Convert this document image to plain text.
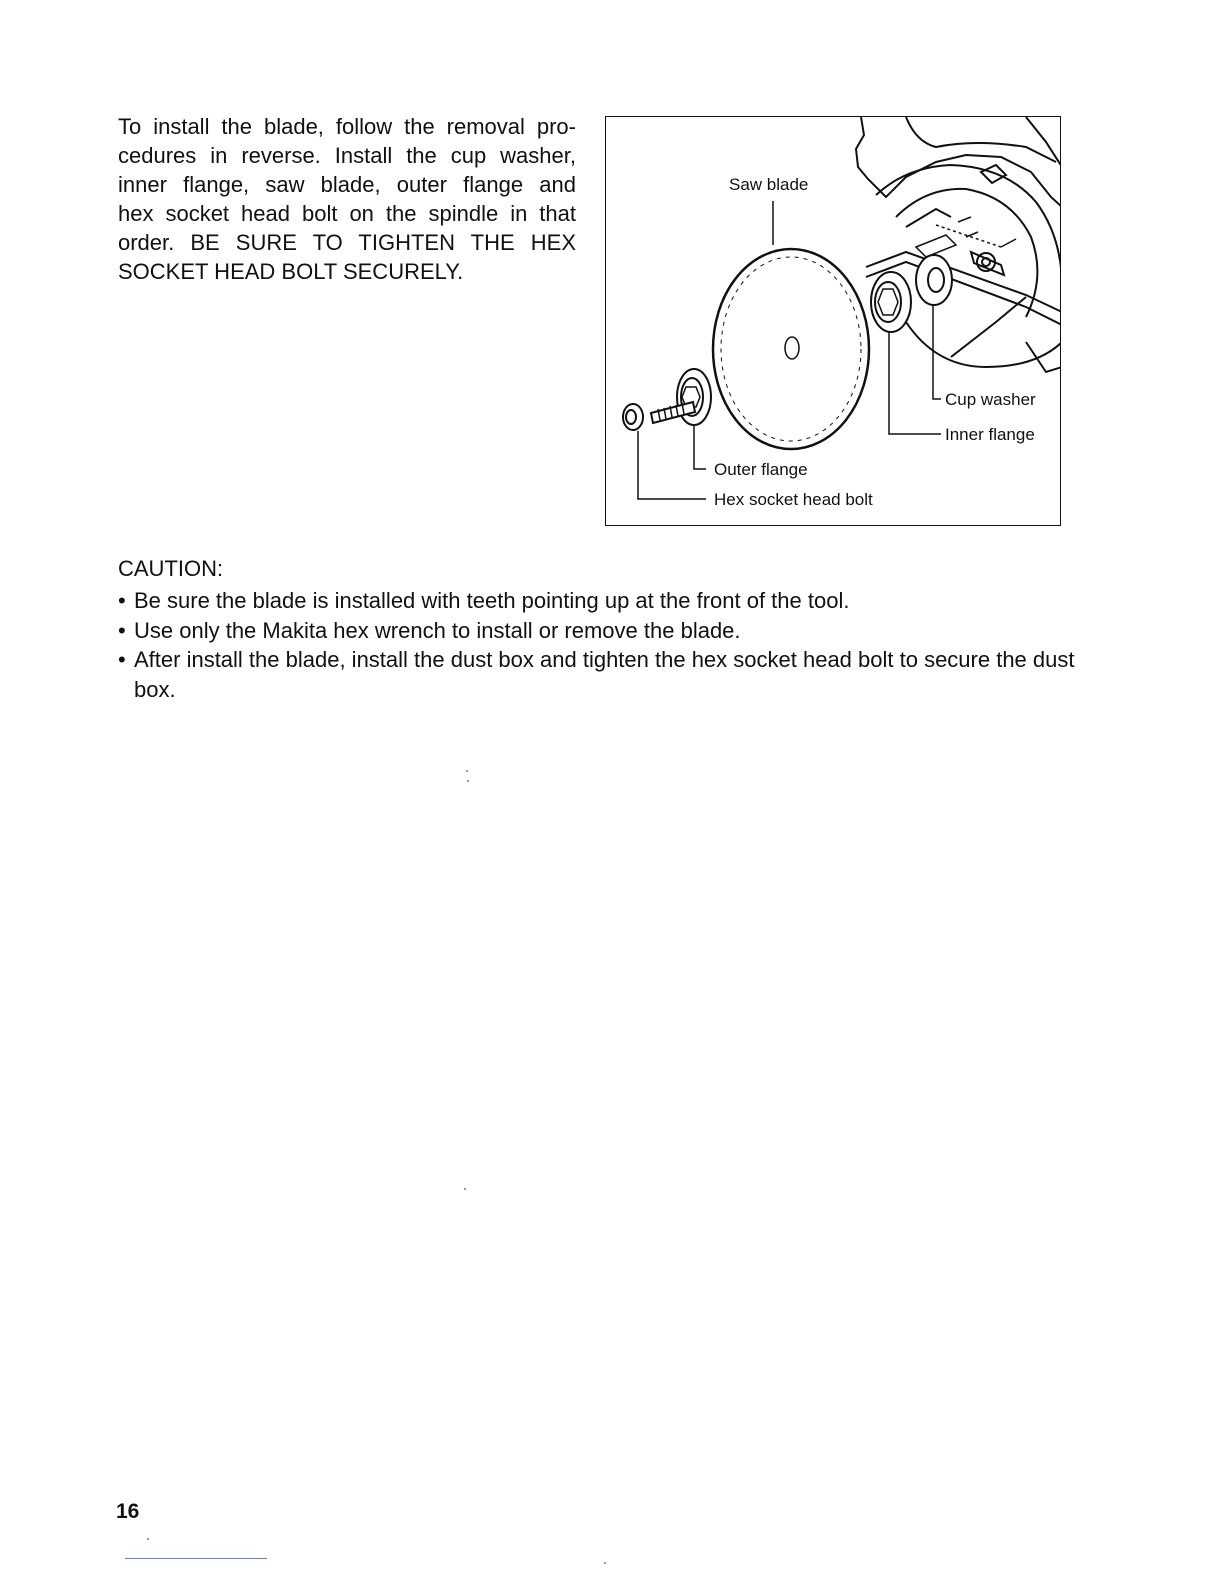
To install the blade, follow the removal pro-
cedures in reverse. Install the cup washer,
inner flange, saw blade, outer flange and
hex socket head bolt on the spindle in that
order. BE SURE TO TIGHTEN THE HEX
SOCKET HEAD BOLT SECURELY.

Saw blade
Cup washer
Inner flange
Outer flange
Hex socket head bolt

CAUTION:

• Be sure the blade is installed with teeth pointing up at the front of the tool.
• Use only the Makita hex wrench to install or remove the blade.
• After install the blade, install the dust box and tighten the hex socket head bolt to secure the dust box.
16
